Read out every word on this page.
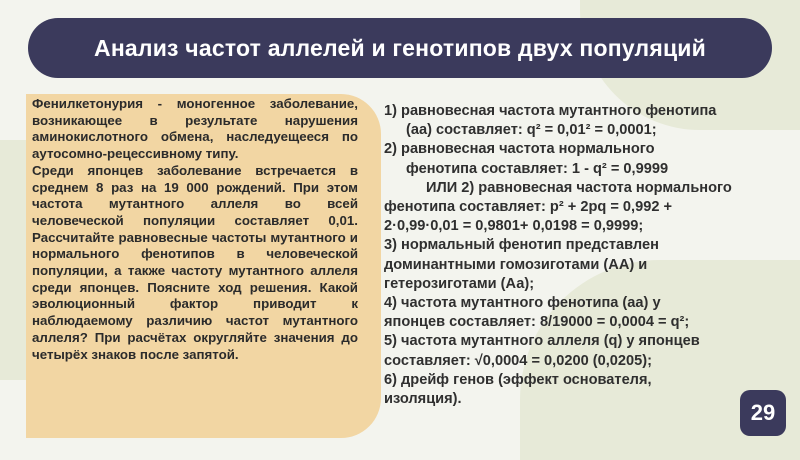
Анализ частот аллелей и генотипов двух популяций

Фенилкетонурия - моногенное заболевание, возникающее в результате нарушения аминокислотного обмена, наследуещееся по аутосомно-рецессивному типу.

Среди японцев заболевание встречается в среднем 8 раз на 19 000 рождений. При этом частота мутантного аллеля во всей человеческой популяции составляет 0,01. Рассчитайте равновесные частоты мутантного и нормального фенотипов в человеческой популяции, а также частоту мутантного аллеля среди японцев. Поясните ход решения. Какой эволюционный фактор приводит к наблюдаемому различию частот мутантного аллеля? При расчётах округляйте значения до четырёх знаков после запятой.

1) равновесная частота мутантного фенотипа
(аа) составляет: q² = 0,01² = 0,0001;
2) равновесная частота нормального
фенотипа составляет: 1 - q² = 0,9999
ИЛИ 2) равновесная частота нормального
фенотипа составляет: р² + 2pq = 0,992 +
2·0,99·0,01 = 0,9801+ 0,0198 = 0,9999;
3) нормальный фенотип представлен
доминантными гомозиготами (АА) и
гетерозиготами (Аа);
4) частота мутантного фенотипа (аа) у
японцев составляет: 8/19000 = 0,0004 = q²;
5) частота мутантного аллеля (q) у японцев
составляет: √0,0004 = 0,0200 (0,0205);
6) дрейф генов (эффект основателя,
изоляция).
29
